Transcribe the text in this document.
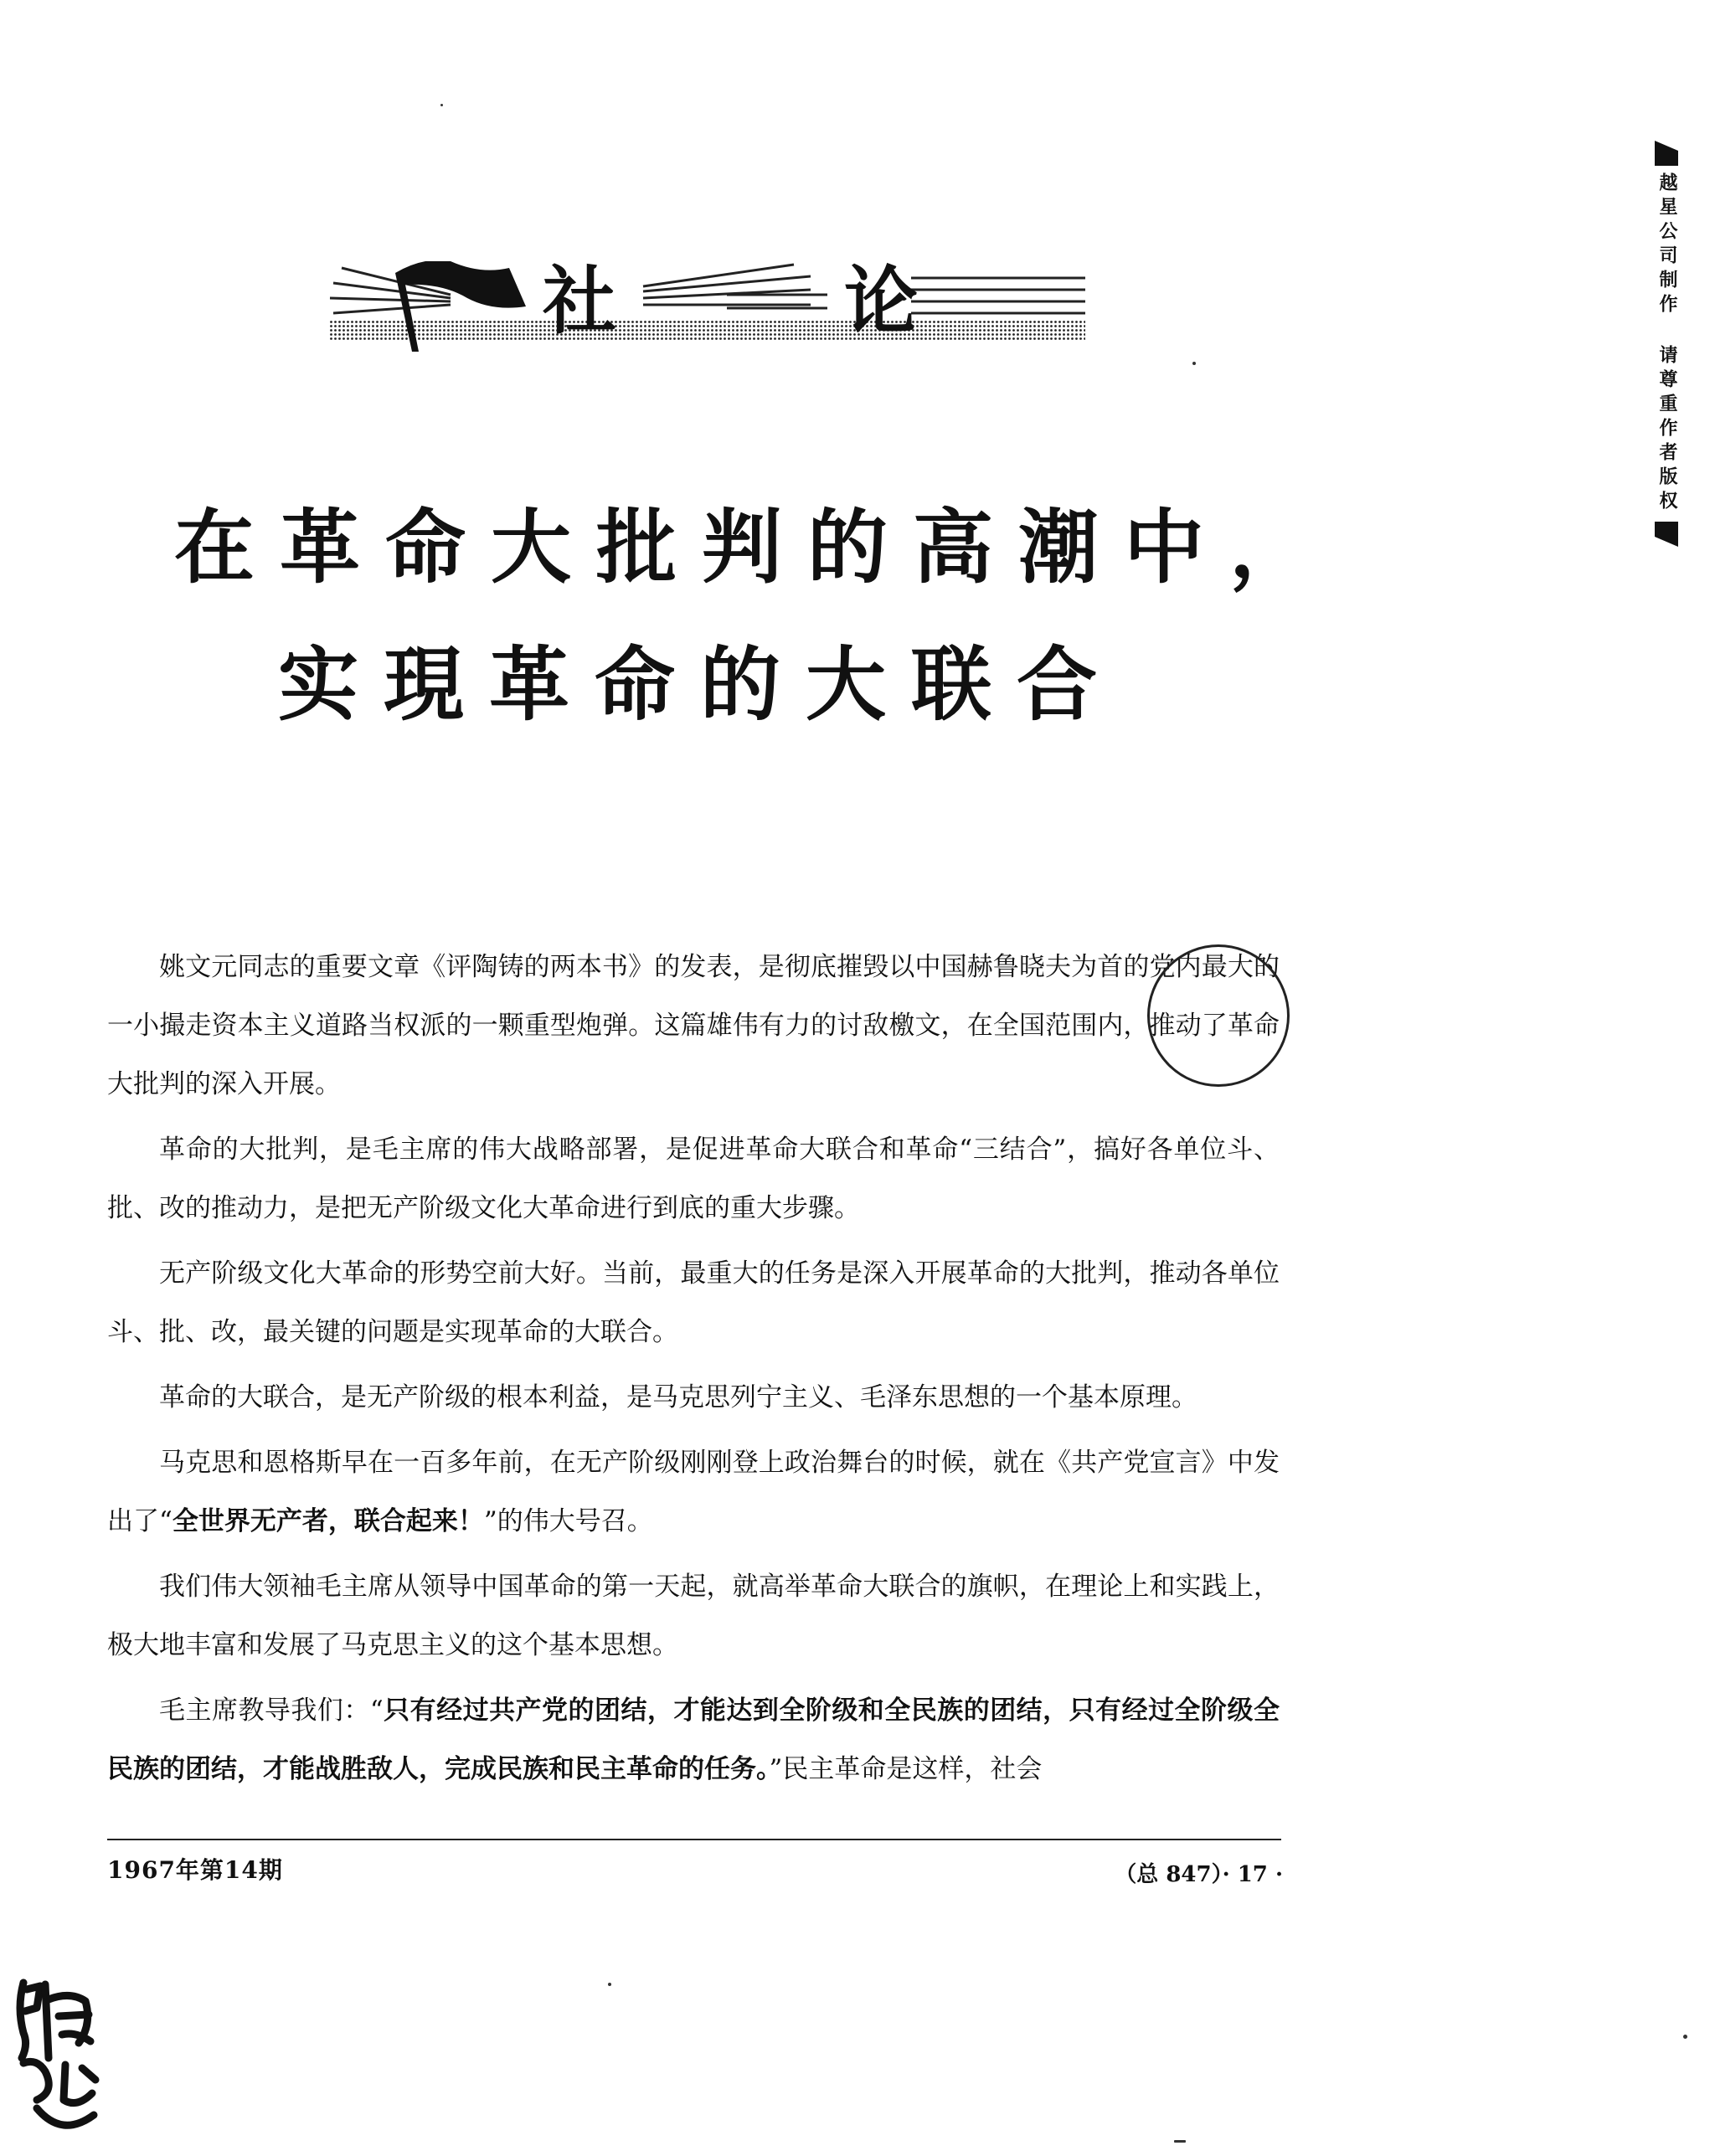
越星公司制作 请尊重作者版权
社	论
在革命大批判的高潮中，
实現革命的大联合

姚文元同志的重要文章《评陶铸的两本书》的发表，是彻底摧毁以中国赫鲁晓夫为首的党内最大的一小撮走资本主义道路当权派的一颗重型炮弹。这篇雄伟有力的讨敌檄文，在全国范围内，推动了革命大批判的深入开展。

革命的大批判，是毛主席的伟大战略部署，是促进革命大联合和革命“三结合”，搞好各单位斗、批、改的推动力，是把无产阶级文化大革命进行到底的重大步骤。

无产阶级文化大革命的形势空前大好。当前，最重大的任务是深入开展革命的大批判，推动各单位斗、批、改，最关键的问题是实现革命的大联合。

革命的大联合，是无产阶级的根本利益，是马克思列宁主义、毛泽东思想的一个基本原理。

马克思和恩格斯早在一百多年前，在无产阶级刚刚登上政治舞台的时候，就在《共产党宣言》中发出了“全世界无产者，联合起来！”的伟大号召。

我们伟大领袖毛主席从领导中国革命的第一天起，就高举革命大联合的旗帜，在理论上和实践上，极大地丰富和发展了马克思主义的这个基本思想。

毛主席教导我们：“只有经过共产党的团结，才能达到全阶级和全民族的团结，只有经过全阶级全民族的团结，才能战胜敌人，完成民族和民主革命的任务。”民主革命是这样，社会

1967年第14期	（总 847）· 17 ·
